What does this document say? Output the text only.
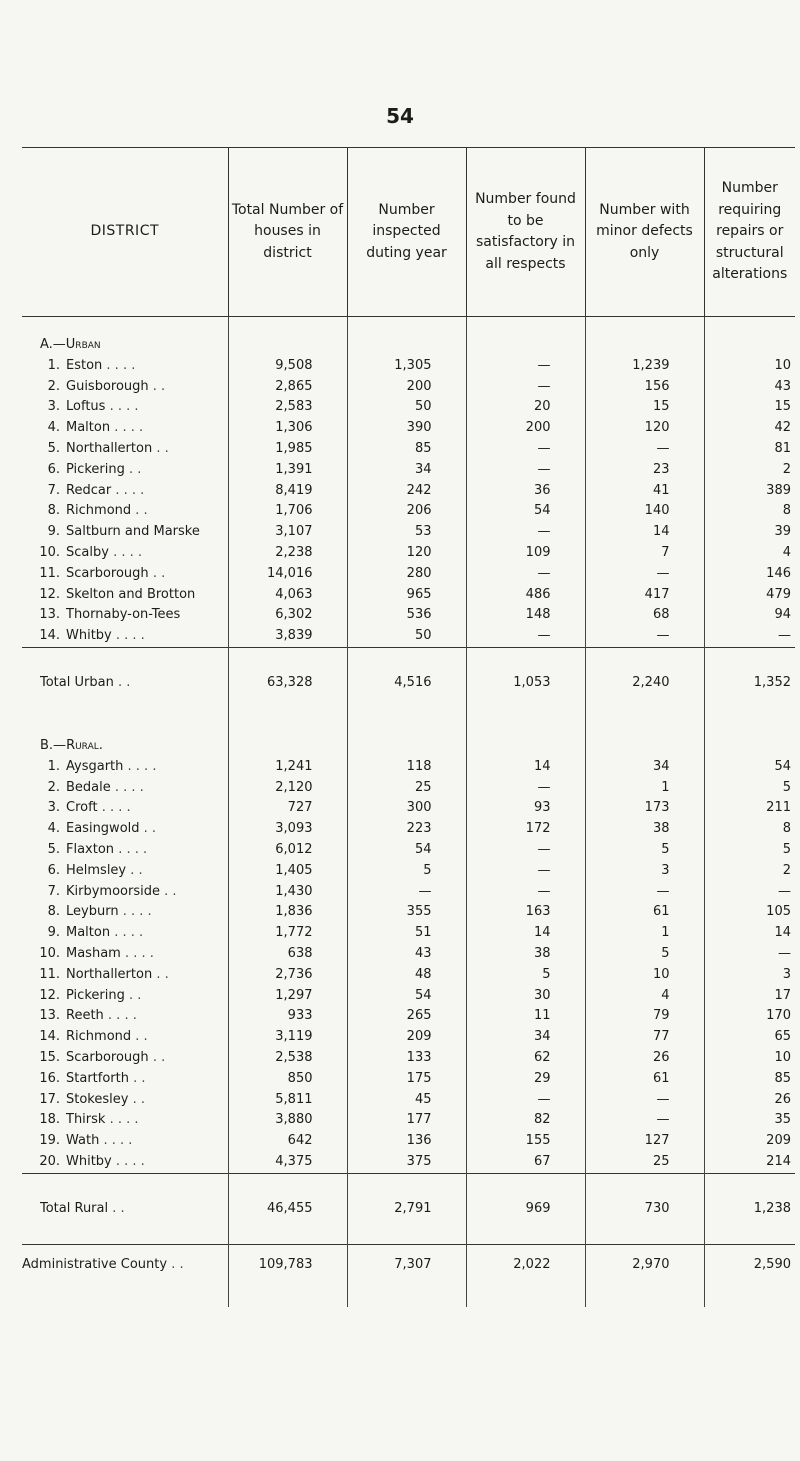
54
DISTRICT	Total Number of houses in district	Number inspected duting year	Number found to be satisfactory in all respects	Number with minor defects only	Number requiring repairs or structural alterations
A.—Urban					
1. Eston . . . .	9,508	1,305	—	1,239	10
2. Guisborough . .	2,865	200	—	156	43
3. Loftus . . . .	2,583	50	20	15	15
4. Malton . . . .	1,306	390	200	120	42
5. Northallerton . .	1,985	85	—	—	81
6. Pickering . .	1,391	34	—	23	2
7. Redcar . . . .	8,419	242	36	41	389
8. Richmond . .	1,706	206	54	140	8
9. Saltburn and Marske	3,107	53	—	14	39
10. Scalby . . . .	2,238	120	109	7	4
11. Scarborough . .	14,016	280	—	—	146
12. Skelton and Brotton	4,063	965	486	417	479
13. Thornaby-on-Tees	6,302	536	148	68	94
14. Whitby . . . .	3,839	50	—	—	—
Total Urban . .	63,328	4,516	1,053	2,240	1,352
B.—Rural.					
1. Aysgarth . . . .	1,241	118	14	34	54
2. Bedale . . . .	2,120	25	—	1	5
3. Croft . . . .	727	300	93	173	211
4. Easingwold . .	3,093	223	172	38	8
5. Flaxton . . . .	6,012	54	—	5	5
6. Helmsley . .	1,405	5	—	3	2
7. Kirbymoorside . .	1,430	—	—	—	—
8. Leyburn . . . .	1,836	355	163	61	105
9. Malton . . . .	1,772	51	14	1	14
10. Masham . . . .	638	43	38	5	—
11. Northallerton . .	2,736	48	5	10	3
12. Pickering . .	1,297	54	30	4	17
13. Reeth . . . .	933	265	11	79	170
14. Richmond . .	3,119	209	34	77	65
15. Scarborough . .	2,538	133	62	26	10
16. Startforth . .	850	175	29	61	85
17. Stokesley . .	5,811	45	—	—	26
18. Thirsk . . . .	3,880	177	82	—	35
19. Wath . . . .	642	136	155	127	209
20. Whitby . . . .	4,375	375	67	25	214
Total Rural . .	46,455	2,791	969	730	1,238
Administrative County . .	109,783	7,307	2,022	2,970	2,590
